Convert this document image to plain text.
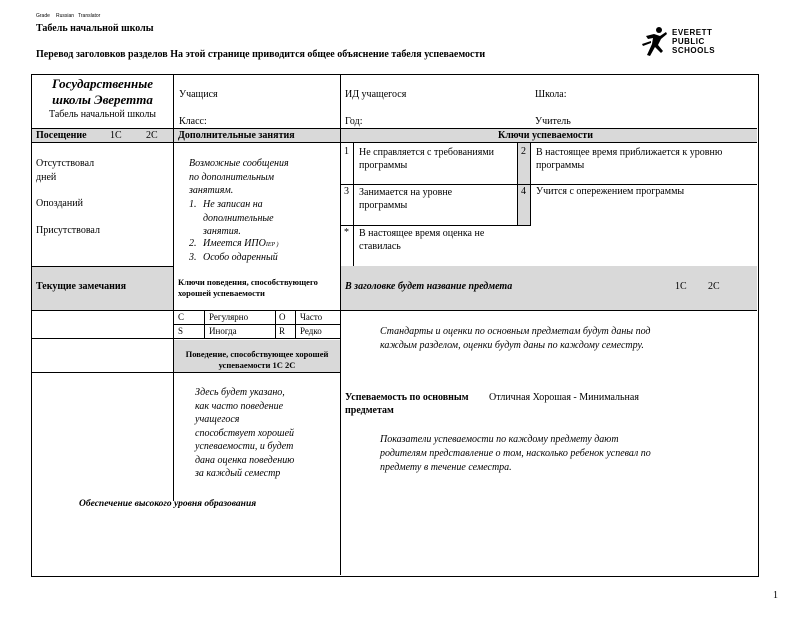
Grade Russian Translator
Табель начальной школы
Перевод заголовков разделов На этой странице приводится общее объяснение табеля успеваемости
EVERETT
PUBLIC
SCHOOLS
Государственные
школы Эверетта
Табель начальной школы
Учащися	ИД учащегося	Школа:
Класс:	Год:	Учитель
Посещение 1С 2С Дополнительные занятия	Ключи успеваемости
Отсутствовал
дней
Опозданий
Присутствовал
Возможные сообщения
по дополнительным
занятиям.
1. Не записан на
дополнительные
занятия.
2. Имеется ИПОIEP )
3. Особо одаренный
1 Не справляется с требованиями
программы
2 В настоящее время приближается к уровню
программы
3 Занимается на уровне
программы
4 Учится с опережением программы
* В настоящее время оценка не
ставилась
Текущие замечания	Ключи поведения, способствующего
хорошей успеваемости
С	Регулярно	О Часто
S	Иногда	R Редко
В заголовке будет название предмета	1С 2С
Стандарты и оценки по основным предметам будут даны под
каждым разделом, оценки будут даны по каждому семестру.
Поведение, способствующее хорошей
успеваемости 1С 2С
Здесь будет указано,
как часто поведение
учащегося
способствует хорошей
успеваемости, и будет
дана оценка поведению
за каждый семестр
Успеваемость по основным
предметам
Отличная Хорошая - Минимальная
Показатели успеваемости по каждому предмету дают
родителям представление о том, насколько ребенок успевал по
предмету в течение семестра.
Обеспечение высокого уровня образования
1
